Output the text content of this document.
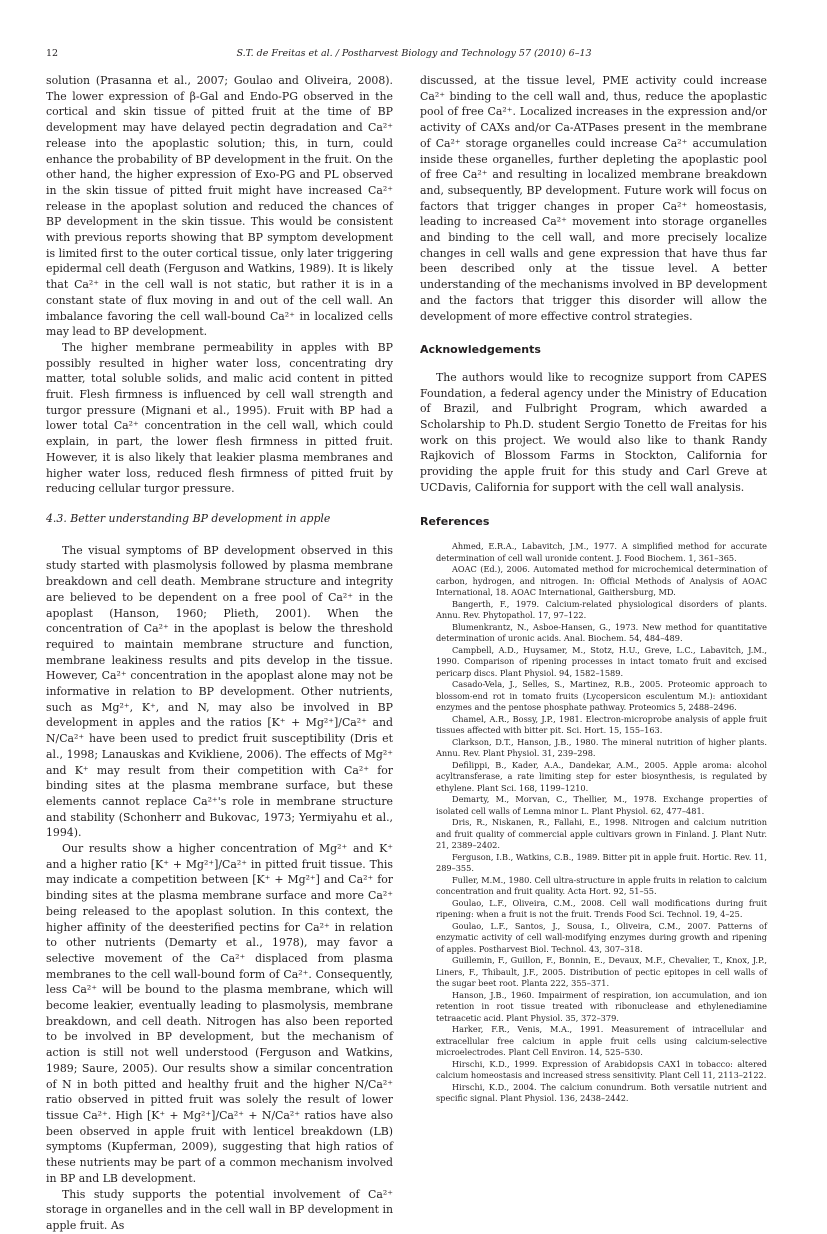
12	S.T. de Freitas et al. / Postharvest Biology and Technology 57 (2010) 6–13

solution (Prasanna et al., 2007; Goulao and Oliveira, 2008). The lower expression of β-Gal and Endo-PG observed in the cortical and skin tissue of pitted fruit at the time of BP development may have delayed pectin degradation and Ca²⁺ release into the apoplastic solution; this, in turn, could enhance the probability of BP development in the fruit. On the other hand, the higher expression of Exo-PG and PL observed in the skin tissue of pitted fruit might have increased Ca²⁺ release in the apoplast solution and reduced the chances of BP development in the skin tissue. This would be consistent with previous reports showing that BP symptom development is limited first to the outer cortical tissue, only later triggering epidermal cell death (Ferguson and Watkins, 1989). It is likely that Ca²⁺ in the cell wall is not static, but rather it is in a constant state of flux moving in and out of the cell wall. An imbalance favoring the cell wall-bound Ca²⁺ in localized cells may lead to BP development.

The higher membrane permeability in apples with BP possibly resulted in higher water loss, concentrating dry matter, total soluble solids, and malic acid content in pitted fruit. Flesh firmness is influenced by cell wall strength and turgor pressure (Mignani et al., 1995). Fruit with BP had a lower total Ca²⁺ concentration in the cell wall, which could explain, in part, the lower flesh firmness in pitted fruit. However, it is also likely that leakier plasma membranes and higher water loss, reduced flesh firmness of pitted fruit by reducing cellular turgor pressure.

4.3. Better understanding BP development in apple

The visual symptoms of BP development observed in this study started with plasmolysis followed by plasma membrane breakdown and cell death. Membrane structure and integrity are believed to be dependent on a free pool of Ca²⁺ in the apoplast (Hanson, 1960; Plieth, 2001). When the concentration of Ca²⁺ in the apoplast is below the threshold required to maintain membrane structure and function, membrane leakiness results and pits develop in the tissue. However, Ca²⁺ concentration in the apoplast alone may not be informative in relation to BP development. Other nutrients, such as Mg²⁺, K⁺, and N, may also be involved in BP development in apples and the ratios [K⁺ + Mg²⁺]/Ca²⁺ and N/Ca²⁺ have been used to predict fruit susceptibility (Dris et al., 1998; Lanauskas and Kvikliene, 2006). The effects of Mg²⁺ and K⁺ may result from their competition with Ca²⁺ for binding sites at the plasma membrane surface, but these elements cannot replace Ca²⁺'s role in membrane structure and stability (Schonherr and Bukovac, 1973; Yermiyahu et al., 1994).

Our results show a higher concentration of Mg²⁺ and K⁺ and a higher ratio [K⁺ + Mg²⁺]/Ca²⁺ in pitted fruit tissue. This may indicate a competition between [K⁺ + Mg²⁺] and Ca²⁺ for binding sites at the plasma membrane surface and more Ca²⁺ being released to the apoplast solution. In this context, the higher affinity of the deesterified pectins for Ca²⁺ in relation to other nutrients (Demarty et al., 1978), may favor a selective movement of the Ca²⁺ displaced from plasma membranes to the cell wall-bound form of Ca²⁺. Consequently, less Ca²⁺ will be bound to the plasma membrane, which will become leakier, eventually leading to plasmolysis, membrane breakdown, and cell death. Nitrogen has also been reported to be involved in BP development, but the mechanism of action is still not well understood (Ferguson and Watkins, 1989; Saure, 2005). Our results show a similar concentration of N in both pitted and healthy fruit and the higher N/Ca²⁺ ratio observed in pitted fruit was solely the result of lower tissue Ca²⁺. High [K⁺ + Mg²⁺]/Ca²⁺ + N/Ca²⁺ ratios have also been observed in apple fruit with lenticel breakdown (LB) symptoms (Kupferman, 2009), suggesting that high ratios of these nutrients may be part of a common mechanism involved in BP and LB development.

This study supports the potential involvement of Ca²⁺ storage in organelles and in the cell wall in BP development in apple fruit. As

discussed, at the tissue level, PME activity could increase Ca²⁺ binding to the cell wall and, thus, reduce the apoplastic pool of free Ca²⁺. Localized increases in the expression and/or activity of CAXs and/or Ca-ATPases present in the membrane of Ca²⁺ storage organelles could increase Ca²⁺ accumulation inside these organelles, further depleting the apoplastic pool of free Ca²⁺ and resulting in localized membrane breakdown and, subsequently, BP development. Future work will focus on factors that trigger changes in proper Ca²⁺ homeostasis, leading to increased Ca²⁺ movement into storage organelles and binding to the cell wall, and more precisely localize changes in cell walls and gene expression that have thus far been described only at the tissue level. A better understanding of the mechanisms involved in BP development and the factors that trigger this disorder will allow the development of more effective control strategies.

Acknowledgements

The authors would like to recognize support from CAPES Foundation, a federal agency under the Ministry of Education of Brazil, and Fulbright Program, which awarded a Scholarship to Ph.D. student Sergio Tonetto de Freitas for his work on this project. We would also like to thank Randy Rajkovich of Blossom Farms in Stockton, California for providing the apple fruit for this study and Carl Greve at UCDavis, California for support with the cell wall analysis.

References

Ahmed, E.R.A., Labavitch, J.M., 1977. A simplified method for accurate determination of cell wall uronide content. J. Food Biochem. 1, 361–365.

AOAC (Ed.), 2006. Automated method for microchemical determination of carbon, hydrogen, and nitrogen. In: Official Methods of Analysis of AOAC International, 18. AOAC International, Gaithersburg, MD.

Bangerth, F., 1979. Calcium-related physiological disorders of plants. Annu. Rev. Phytopathol. 17, 97–122.

Blumenkrantz, N., Asboe-Hansen, G., 1973. New method for quantitative determination of uronic acids. Anal. Biochem. 54, 484–489.

Campbell, A.D., Huysamer, M., Stotz, H.U., Greve, L.C., Labavitch, J.M., 1990. Comparison of ripening processes in intact tomato fruit and excised pericarp discs. Plant Physiol. 94, 1582–1589.

Casado-Vela, J., Selles, S., Martinez, R.B., 2005. Proteomic approach to blossom-end rot in tomato fruits (Lycopersicon esculentum M.): antioxidant enzymes and the pentose phosphate pathway. Proteomics 5, 2488–2496.

Chamel, A.R., Bossy, J.P., 1981. Electron-microprobe analysis of apple fruit tissues affected with bitter pit. Sci. Hort. 15, 155–163.

Clarkson, D.T., Hanson, J.B., 1980. The mineral nutrition of higher plants. Annu. Rev. Plant Physiol. 31, 239–298.

Defilippi, B., Kader, A.A., Dandekar, A.M., 2005. Apple aroma: alcohol acyltransferase, a rate limiting step for ester biosynthesis, is regulated by ethylene. Plant Sci. 168, 1199–1210.

Demarty, M., Morvan, C., Thellier, M., 1978. Exchange properties of isolated cell walls of Lemna minor L. Plant Physiol. 62, 477–481.

Dris, R., Niskanen, R., Fallahi, E., 1998. Nitrogen and calcium nutrition and fruit quality of commercial apple cultivars grown in Finland. J. Plant Nutr. 21, 2389–2402.

Ferguson, I.B., Watkins, C.B., 1989. Bitter pit in apple fruit. Hortic. Rev. 11, 289–355.

Fuller, M.M., 1980. Cell ultra-structure in apple fruits in relation to calcium concentration and fruit quality. Acta Hort. 92, 51–55.

Goulao, L.F., Oliveira, C.M., 2008. Cell wall modifications during fruit ripening: when a fruit is not the fruit. Trends Food Sci. Technol. 19, 4–25.

Goulao, L.F., Santos, J., Sousa, I., Oliveira, C.M., 2007. Patterns of enzymatic activity of cell wall-modifying enzymes during growth and ripening of apples. Postharvest Biol. Technol. 43, 307–318.

Guillemin, F., Guillon, F., Bonnin, E., Devaux, M.F., Chevalier, T., Knox, J.P., Liners, F., Thibault, J.F., 2005. Distribution of pectic epitopes in cell walls of the sugar beet root. Planta 222, 355–371.

Hanson, J.B., 1960. Impairment of respiration, ion accumulation, and ion retention in root tissue treated with ribonuclease and ethylenediamine tetraacetic acid. Plant Physiol. 35, 372–379.

Harker, F.R., Venis, M.A., 1991. Measurement of intracellular and extracellular free calcium in apple fruit cells using calcium-selective microelectrodes. Plant Cell Environ. 14, 525–530.

Hirschi, K.D., 1999. Expression of Arabidopsis CAX1 in tobacco: altered calcium homeostasis and increased stress sensitivity. Plant Cell 11, 2113–2122.

Hirschi, K.D., 2004. The calcium conundrum. Both versatile nutrient and specific signal. Plant Physiol. 136, 2438–2442.
